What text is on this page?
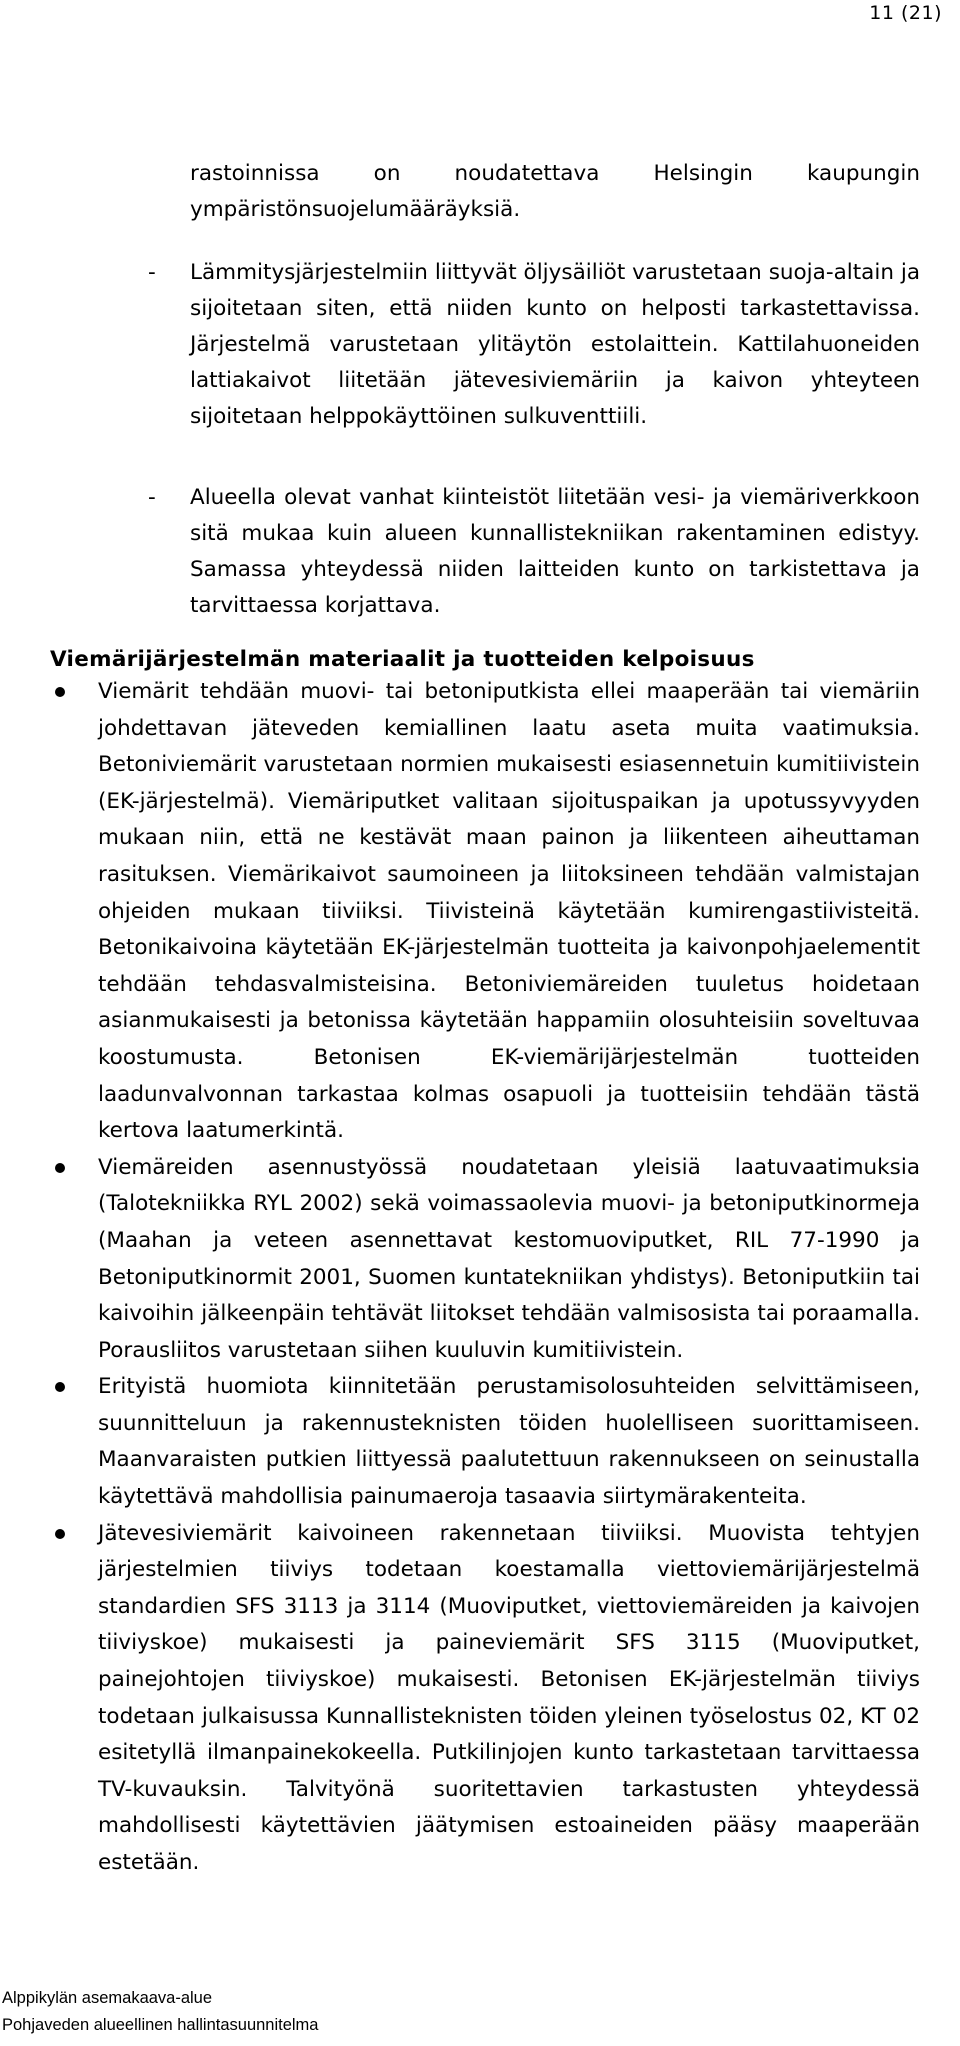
11 (21)
rastoinnissa on noudatettava Helsingin kaupungin ympäristönsuojelumääräyksiä.
- Lämmitysjärjestelmiin liittyvät öljysäiliöt varustetaan suoja-altain ja sijoitetaan siten, että niiden kunto on helposti tarkastettavissa. Järjestelmä varustetaan ylitäytön estolaittein. Kattilahuoneiden lattiakaivot liitetään jätevesiviemäriin ja kaivon yhteyteen sijoitetaan helppokäyttöinen sulkuventtiili.
- Alueella olevat vanhat kiinteistöt liitetään vesi- ja viemäriverkkoon sitä mukaa kuin alueen kunnallistekniikan rakentaminen edistyy. Samassa yhteydessä niiden laitteiden kunto on tarkistettava ja tarvittaessa korjattava.
Viemärijärjestelmän materiaalit ja tuotteiden kelpoisuus
Viemärit tehdään muovi- tai betoniputkista ellei maaperään tai viemäriin johdettavan jäteveden kemiallinen laatu aseta muita vaatimuksia. Betoniviemärit varustetaan normien mukaisesti esiasennetuin kumitiivistein (EK-järjestelmä). Viemäriputket valitaan sijoituspaikan ja upotussyvyyden mukaan niin, että ne kestävät maan painon ja liikenteen aiheuttaman rasituksen. Viemärikaivot saumoineen ja liitoksineen tehdään valmistajan ohjeiden mukaan tiiviiksi. Tiivisteinä käytetään kumirengastiivisteitä. Betonikaivoina käytetään EK-järjestelmän tuotteita ja kaivonpohjaelementit tehdään tehdasvalmisteisina. Betoniviemäreiden tuuletus hoidetaan asianmukaisesti ja betonissa käytetään happamiin olosuhteisiin soveltuvaa koostumusta. Betonisen EK-viemärijärjestelmän tuotteiden laadunvalvonnan tarkastaa kolmas osapuoli ja tuotteisiin tehdään tästä kertova laatumerkintä.
Viemäreiden asennustyössä noudatetaan yleisiä laatuvaatimuksia (Talotekniikka RYL 2002) sekä voimassaolevia muovi- ja betoniputkinormeja (Maahan ja veteen asennettavat kestomuoviputket, RIL 77-1990 ja Betoniputkinormit 2001, Suomen kuntatekniikan yhdistys). Betoniputkiin tai kaivoihin jälkeenpäin tehtävät liitokset tehdään valmisosista tai poraamalla. Porausliitos varustetaan siihen kuuluvin kumitiivistein.
Erityistä huomiota kiinnitetään perustamisolosuhteiden selvittämiseen, suunnitteluun ja rakennusteknisten töiden huolelliseen suorittamiseen. Maanvaraisten putkien liittyessä paalutettuun rakennukseen on seinustalla käytettävä mahdollisia painumaeroja tasaavia siirtymärakenteita.
Jätevesiviemärit kaivoineen rakennetaan tiiviiksi. Muovista tehtyjen järjestelmien tiiviys todetaan koestamalla viettoviemärijärjestelmä standardien SFS 3113 ja 3114 (Muoviputket, viettoviemäreiden ja kaivojen tiiviyskoe) mukaisesti ja paineviemärit SFS 3115 (Muoviputket, painejohtojen tiiviyskoe) mukaisesti. Betonisen EK-järjestelmän tiiviys todetaan julkaisussa Kunnallisteknisten töiden yleinen työselostus 02, KT 02 esitetyllä ilmanpainekokeella. Putkilinjojen kunto tarkastetaan tarvittaessa TV-kuvauksin. Talvityönä suoritettavien tarkastusten yhteydessä mahdollisesti käytettävien jäätymisen estoaineiden pääsy maaperään estetään.
Alppikylän asemakaava-alue
Pohjaveden alueellinen hallintasuunnitelma
